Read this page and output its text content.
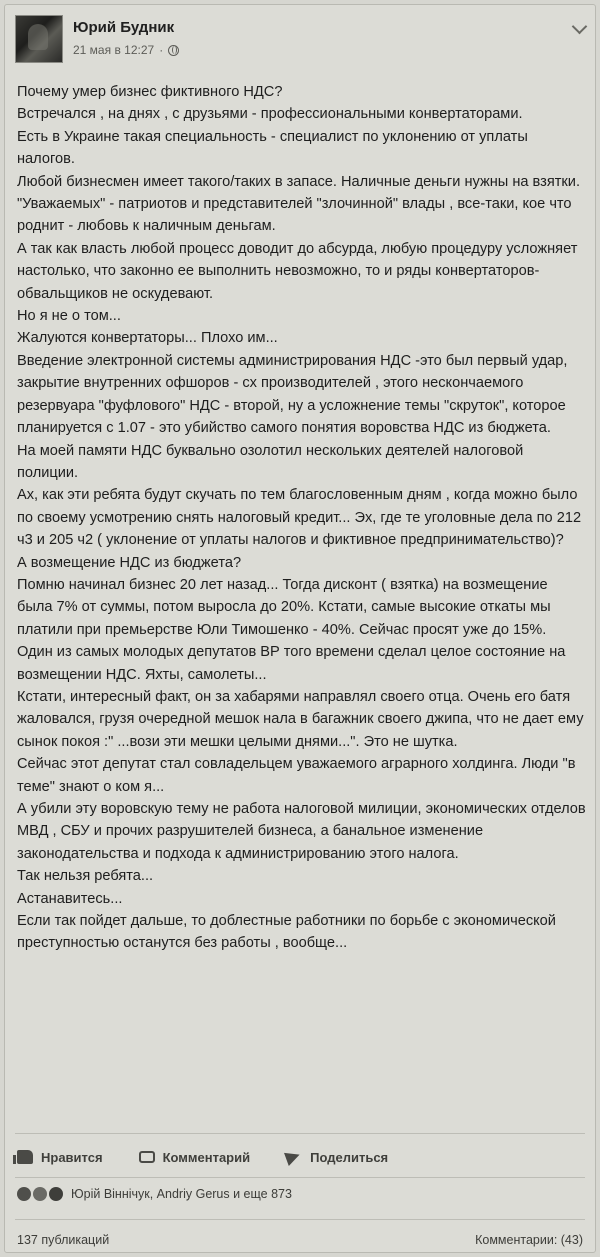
Юрий Будник
21 мая в 12:27 ·

Почему умер бизнес фиктивного НДС?

Встречался , на днях , с друзьями - профессиональными конвертаторами.

Есть в Украине такая специальность - специалист по уклонению от уплаты налогов.

Любой бизнесмен имеет такого/таких в запасе. Наличные деньги нужны на взятки. "Уважаемых" - патриотов и представителей "злочинной" влады , все-таки, кое что роднит - любовь к наличным деньгам.

А так как власть любой процесс доводит до абсурда, любую процедуру усложняет настолько, что законно ее выполнить невозможно, то и ряды конвертаторов-обвальщиков не оскудевают.

Но я не о том...

Жалуются конвертаторы... Плохо им...

Введение электронной системы администрирования НДС -это был первый удар, закрытие внутренних офшоров - сх производителей , этого нескончаемого резервуара "фуфлового" НДС - второй, ну а усложнение темы "скруток", которое планируется с 1.07 - это убийство самого понятия воровства НДС из бюджета.

На моей памяти НДС буквально озолотил нескольких деятелей налоговой полиции.

Ах, как эти ребята будут скучать по тем благословенным дням , когда можно было по своему усмотрению снять налоговый кредит... Эх, где те уголовные дела по 212 ч3 и 205 ч2 ( уклонение от уплаты налогов и фиктивное предпринимательство)?

А возмещение НДС из бюджета?

Помню начинал бизнес 20 лет назад... Тогда дисконт ( взятка) на возмещение была 7% от суммы, потом выросла до 20%. Кстати, самые высокие откаты мы платили при премьерстве Юли Тимошенко - 40%. Сейчас просят уже до 15%.

Один из самых молодых депутатов ВР того времени сделал целое состояние на возмещении НДС. Яхты, самолеты...

Кстати, интересный факт, он за хабарями направлял своего отца. Очень его батя жаловался, грузя очередной мешок нала в багажник своего джипа, что не дает ему сынок покоя :" ...вози эти мешки целыми днями...". Это не шутка.

Сейчас этот депутат стал совладельцем уважаемого аграрного холдинга. Люди "в теме" знают о ком я...

А убили эту воровскую тему не работа налоговой милиции, экономических отделов МВД , СБУ и прочих разрушителей бизнеса, а банальное изменение законодательства и подхода к администрированию этого налога.

Так нельзя ребята...

Астанавитесь...

Если так пойдет дальше, то доблестные работники по борьбе с экономической преступностью останутся без работы , вообще...

Нравится	Комментарий	Поделиться
Юрій Віннічук, Andriy Gerus и еще 873
137 публикаций	Комментарии: (43)
